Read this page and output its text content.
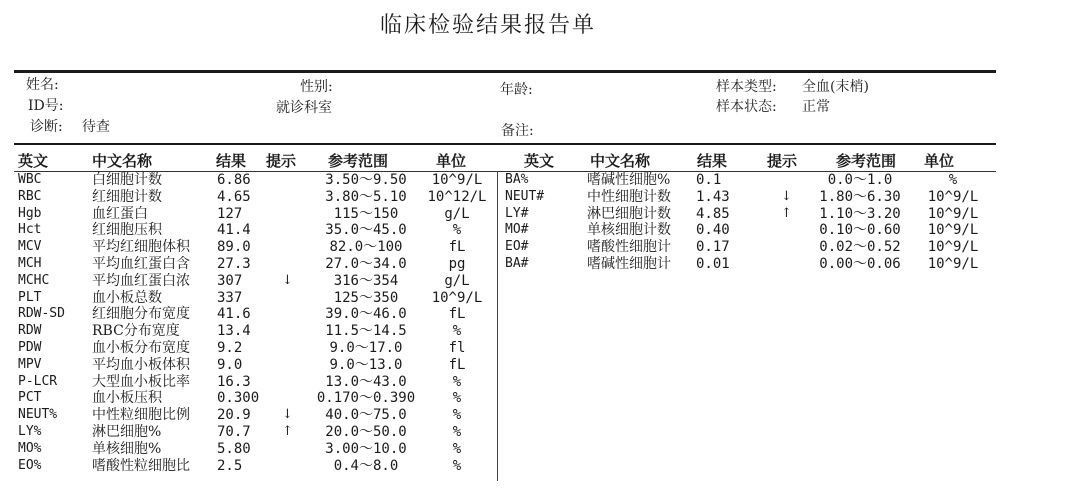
临床检验结果报告单
姓名:	性别:	年龄:	样本类型: 全血(末梢)
ID号:	就诊科室	样本状态: 正常
诊断: 待查	备注:
英文	中文名称	结果 提示 参考范围	单位	英文 中文名称	结果	提示	参考范围 单位
WBC	白细胞计数	6.86	3.50～9.50	10^9/L
RBC	红细胞计数	4.65	3.80～5.10	10^12/L
Hgb	血红蛋白	127	115～150	g/L
Hct	红细胞压积	41.4	35.0～45.0	%
MCV	平均红细胞体积 89.0	82.0～100	fL
MCH	平均血红蛋白含 27.3	27.0～34.0	pg
MCHC	平均血红蛋白浓 307	↓	316～354	g/L
PLT	血小板总数	337	125～350	10^9/L
RDW-SD 红细胞分布宽度 41.6	39.0～46.0	fL
RDW	RBC分布宽度	13.4	11.5～14.5	%
PDW	血小板分布宽度 9.2	9.0～17.0	fl
MPV	平均血小板体积 9.0	9.0～13.0	fL
P-LCR 大型血小板比率 16.3	13.0～43.0	%
PCT	血小板压积	0.300	0.170～0.390	%
NEUT% 中性粒细胞比例 20.9 ↓	40.0～75.0	%
LY%	淋巴细胞%	70.7 ↑	20.0～50.0	%
MO%	单核细胞%	5.80	3.00～10.0	%
EO%	嗜酸性粒细胞比 2.5	0.4～8.0	%
BA%	嗜碱性细胞% 0.1	0.0～1.0	%
NEUT#	中性细胞计数 1.43	↓	1.80～6.30	10^9/L
LY#	淋巴细胞计数 4.85	↑	1.10～3.20	10^9/L
MO#	单核细胞计数 0.40	0.10～0.60	10^9/L
EO#	嗜酸性细胞计 0.17	0.02～0.52	10^9/L
BA#	嗜碱性细胞计 0.01	0.00～0.06	10^9/L
